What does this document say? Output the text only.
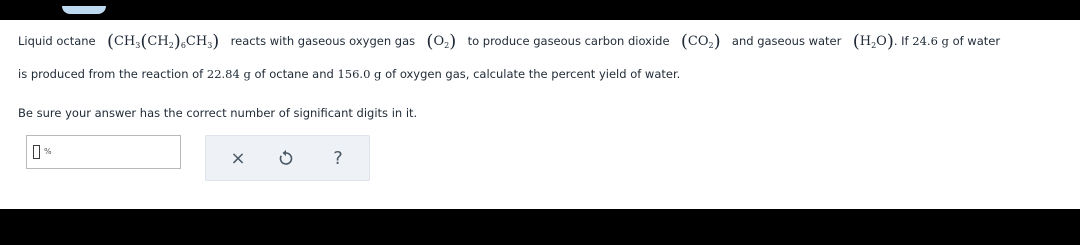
Liquid octane $(CH_3(CH_2)_6CH_3)$ reacts with gaseous oxygen gas $(O_2)$ to produce gaseous carbon dioxide $(CO_2)$ and gaseous water $(H_2O)$. If 24.6 g of water
is produced from the reaction of 22.84 g of octane and 156.0 g of oxygen gas, calculate the percent yield of water.
Be sure your answer has the correct number of significant digits in it.
%	×	?
